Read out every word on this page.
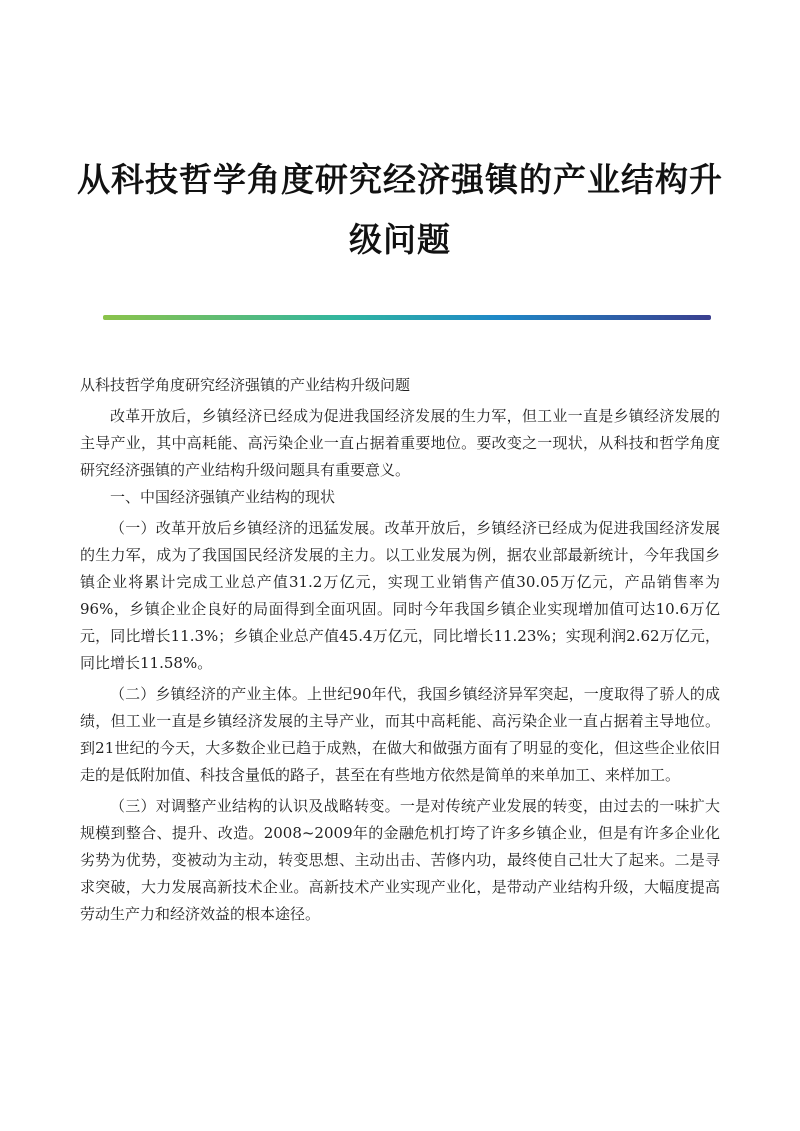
从科技哲学角度研究经济强镇的产业结构升
级问题

从科技哲学角度研究经济强镇的产业结构升级问题

改革开放后，乡镇经济已经成为促进我国经济发展的生力军，但工业一直是乡镇经济发展的主导产业，其中高耗能、高污染企业一直占据着重要地位。要改变之一现状，从科技和哲学角度研究经济强镇的产业结构升级问题具有重要意义。

一、中国经济强镇产业结构的现状

（一）改革开放后乡镇经济的迅猛发展。改革开放后，乡镇经济已经成为促进我国经济发展的生力军，成为了我国国民经济发展的主力。以工业发展为例，据农业部最新统计，今年我国乡镇企业将累计完成工业总产值31.2万亿元，实现工业销售产值30.05万亿元，产品销售率为96%，乡镇企业企良好的局面得到全面巩固。同时今年我国乡镇企业实现增加值可达10.6万亿元，同比增长11.3%；乡镇企业总产值45.4万亿元，同比增长11.23%；实现利润2.62万亿元，同比增长11.58%。

（二）乡镇经济的产业主体。上世纪90年代，我国乡镇经济异军突起，一度取得了骄人的成绩，但工业一直是乡镇经济发展的主导产业，而其中高耗能、高污染企业一直占据着主导地位。到21世纪的今天，大多数企业已趋于成熟，在做大和做强方面有了明显的变化，但这些企业依旧走的是低附加值、科技含量低的路子，甚至在有些地方依然是简单的来单加工、来样加工。

（三）对调整产业结构的认识及战略转变。一是对传统产业发展的转变，由过去的一味扩大规模到整合、提升、改造。2008~2009年的金融危机打垮了许多乡镇企业，但是有许多企业化劣势为优势，变被动为主动，转变思想、主动出击、苦修内功，最终使自己壮大了起来。二是寻求突破，大力发展高新技术企业。高新技术产业实现产业化，是带动产业结构升级，大幅度提高劳动生产力和经济效益的根本途径。
